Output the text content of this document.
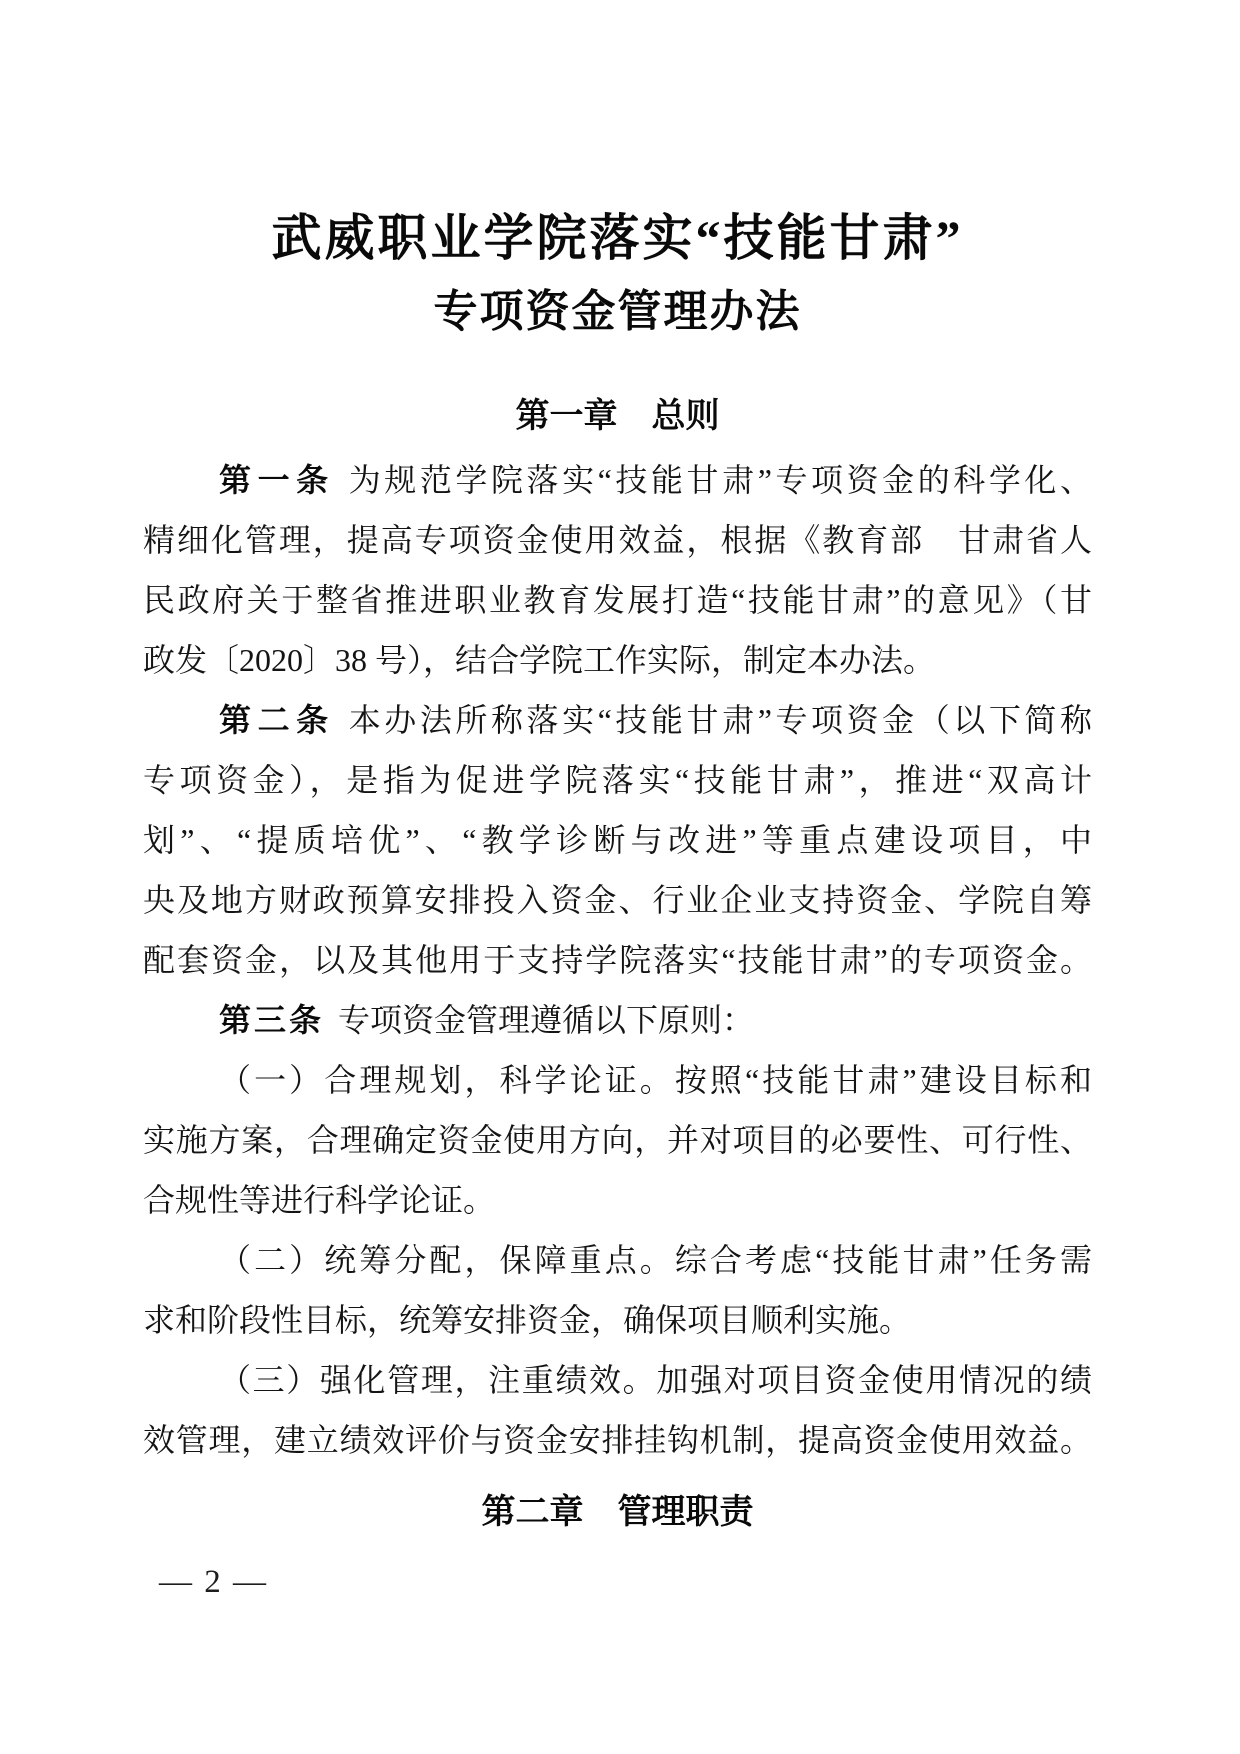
武威职业学院落实“技能甘肃”
专项资金管理办法
第一章　总则
第一条 为规范学院落实“技能甘肃”专项资金的科学化、
精细化管理，提高专项资金使用效益，根据《教育部　甘肃省人
民政府关于整省推进职业教育发展打造“技能甘肃”的意见》（甘
政发〔2020〕38 号），结合学院工作实际，制定本办法。
第二条 本办法所称落实“技能甘肃”专项资金（以下简称
专项资金），是指为促进学院落实“技能甘肃”，推进“双高计
划”、“提质培优”、“教学诊断与改进”等重点建设项目，中
央及地方财政预算安排投入资金、行业企业支持资金、学院自筹
配套资金，以及其他用于支持学院落实“技能甘肃”的专项资金。
第三条 专项资金管理遵循以下原则：
（一）合理规划，科学论证。按照“技能甘肃”建设目标和
实施方案，合理确定资金使用方向，并对项目的必要性、可行性、
合规性等进行科学论证。
（二）统筹分配，保障重点。综合考虑“技能甘肃”任务需
求和阶段性目标，统筹安排资金，确保项目顺利实施。
（三）强化管理，注重绩效。加强对项目资金使用情况的绩
效管理，建立绩效评价与资金安排挂钩机制，提高资金使用效益。
第二章　管理职责
— 2 —
